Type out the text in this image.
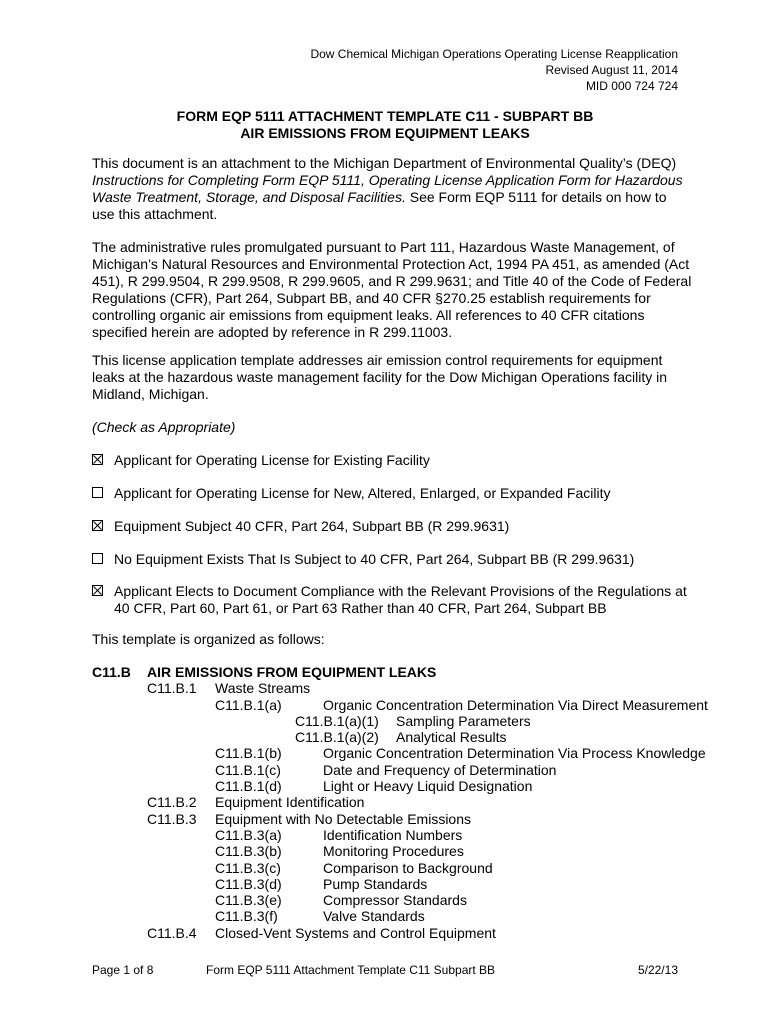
Dow Chemical Michigan Operations Operating License Reapplication
Revised August 11, 2014
MID 000 724 724
FORM EQP 5111 ATTACHMENT TEMPLATE C11 - SUBPART BB
AIR EMISSIONS FROM EQUIPMENT LEAKS
This document is an attachment to the Michigan Department of Environmental Quality’s (DEQ) Instructions for Completing Form EQP 5111, Operating License Application Form for Hazardous Waste Treatment, Storage, and Disposal Facilities. See Form EQP 5111 for details on how to use this attachment.
The administrative rules promulgated pursuant to Part 111, Hazardous Waste Management, of Michigan’s Natural Resources and Environmental Protection Act, 1994 PA 451, as amended (Act 451), R 299.9504, R 299.9508, R 299.9605, and R 299.9631; and Title 40 of the Code of Federal Regulations (CFR), Part 264, Subpart BB, and 40 CFR §270.25 establish requirements for controlling organic air emissions from equipment leaks. All references to 40 CFR citations specified herein are adopted by reference in R 299.11003.
This license application template addresses air emission control requirements for equipment leaks at the hazardous waste management facility for the Dow Michigan Operations facility in Midland, Michigan.
(Check as Appropriate)
Applicant for Operating License for Existing Facility
Applicant for Operating License for New, Altered, Enlarged, or Expanded Facility
Equipment Subject 40 CFR, Part 264, Subpart BB (R 299.9631)
No Equipment Exists That Is Subject to 40 CFR, Part 264, Subpart BB (R 299.9631)
Applicant Elects to Document Compliance with the Relevant Provisions of the Regulations at 40 CFR, Part 60, Part 61, or Part 63 Rather than 40 CFR, Part 264, Subpart BB
This template is organized as follows:
C11.B AIR EMISSIONS FROM EQUIPMENT LEAKS
C11.B.1 Waste Streams
C11.B.1(a)	Organic Concentration Determination Via Direct Measurement
C11.B.1(a)(1) Sampling Parameters
C11.B.1(a)(2) Analytical Results
C11.B.1(b)	Organic Concentration Determination Via Process Knowledge
C11.B.1(c)	Date and Frequency of Determination
C11.B.1(d)	Light or Heavy Liquid Designation
C11.B.2 Equipment Identification
C11.B.3 Equipment with No Detectable Emissions
C11.B.3(a)	Identification Numbers
C11.B.3(b)	Monitoring Procedures
C11.B.3(c)	Comparison to Background
C11.B.3(d)	Pump Standards
C11.B.3(e)	Compressor Standards
C11.B.3(f)	Valve Standards
C11.B.4 Closed-Vent Systems and Control Equipment
Page 1 of 8	Form EQP 5111 Attachment Template C11 Subpart BB	5/22/13
